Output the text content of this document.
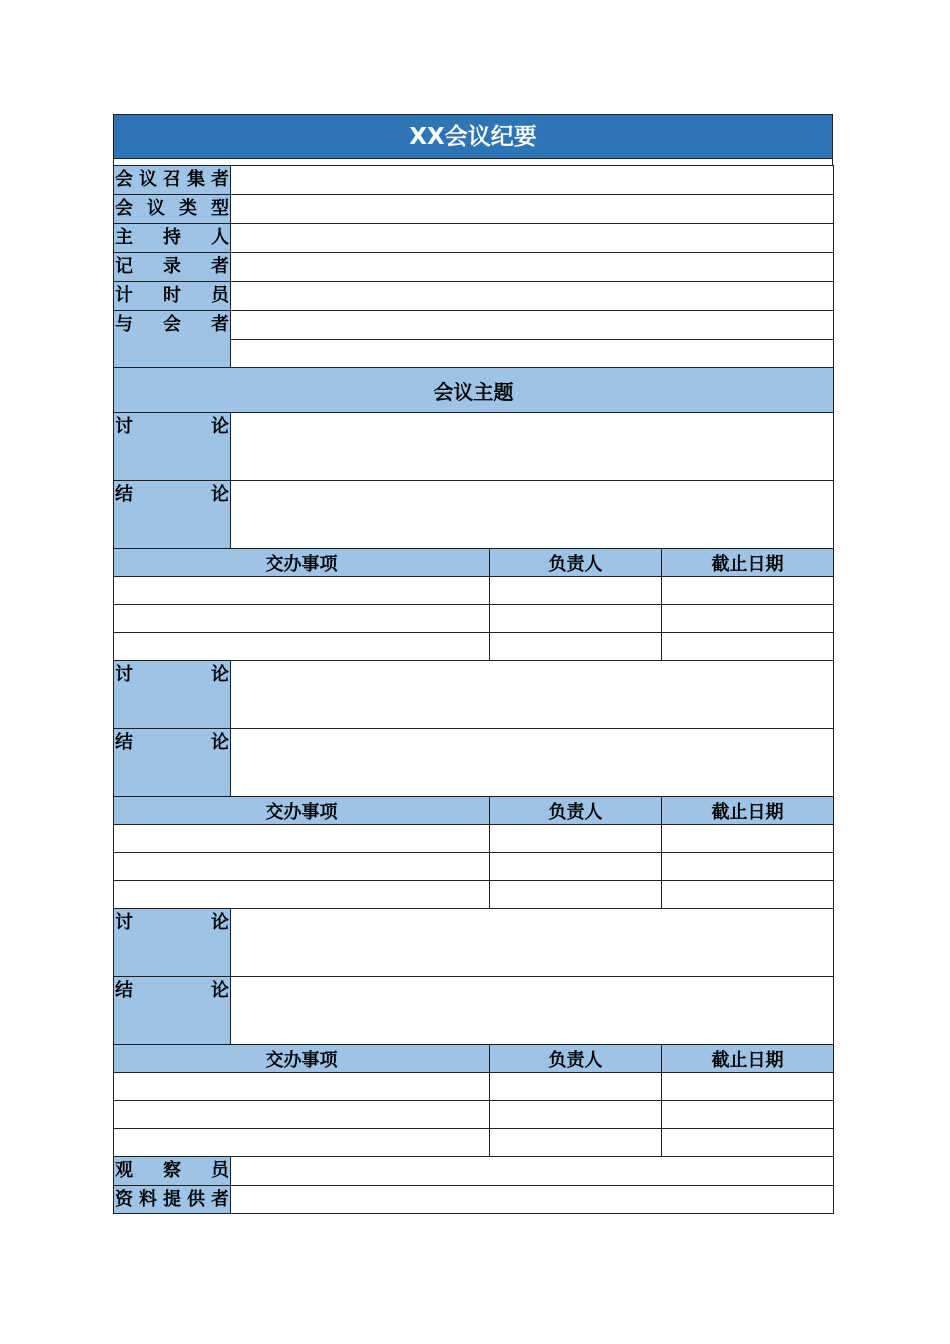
XX会议纪要
会议召集者			

会议类型			

主持人			

记录者			

计时员			

与会者			

会议主题			

讨论			

结论			

交办事项		负责人	截止日期

讨论			

结论			

交办事项		负责人	截止日期

讨论			

结论			

交办事项		负责人	截止日期

观察员			

资料提供者			
